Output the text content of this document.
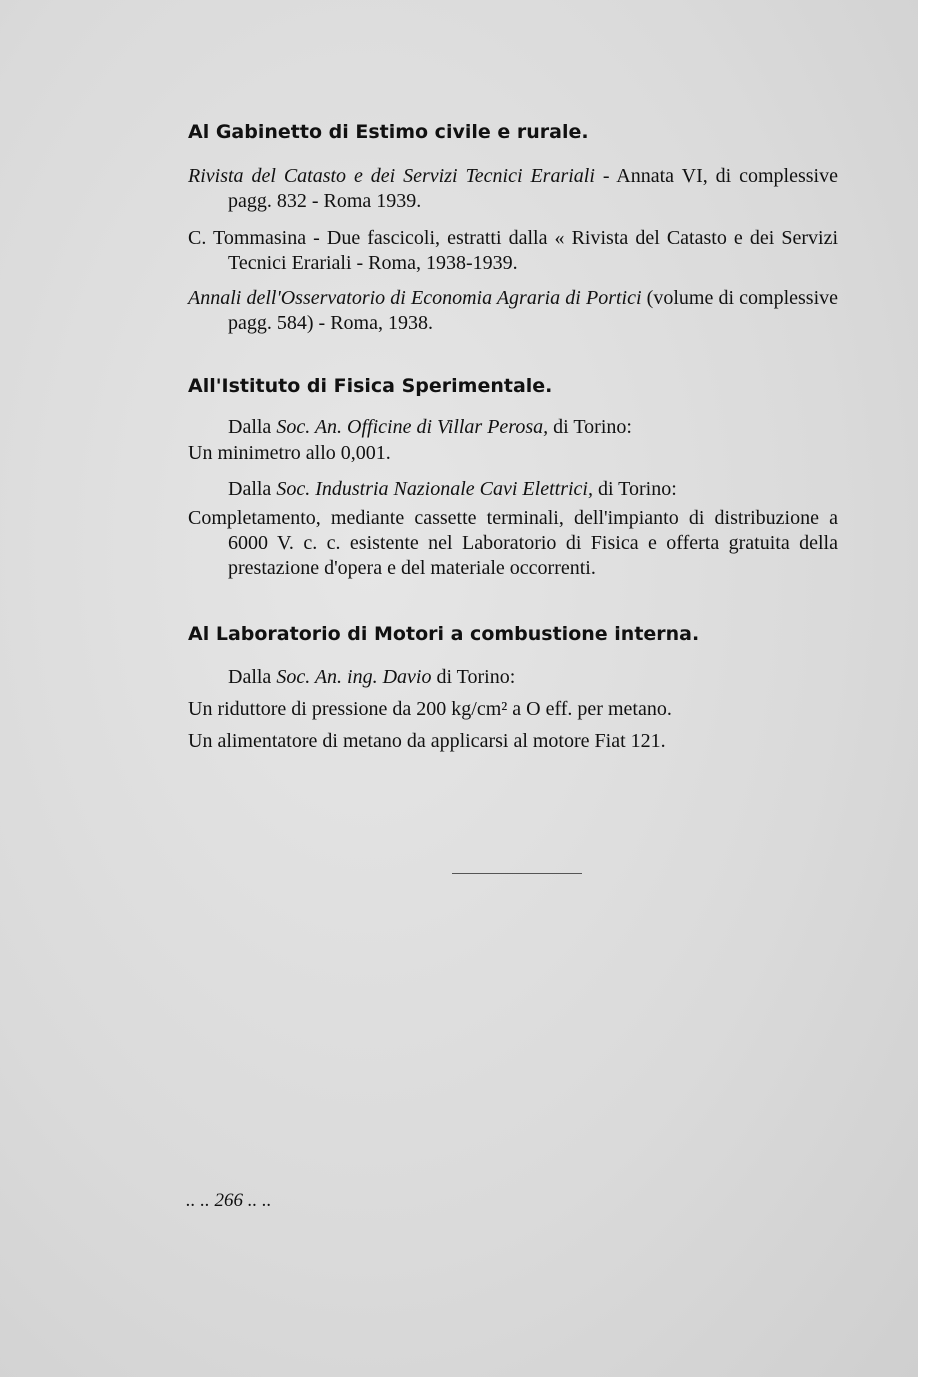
Al Gabinetto di Estimo civile e rurale.
Rivista del Catasto e dei Servizi Tecnici Erariali - Annata VI, di complessive pagg. 832 - Roma 1939.
C. Tommasina - Due fascicoli, estratti dalla « Rivista del Catasto e dei Servizi Tecnici Erariali - Roma, 1938-1939.
Annali dell'Osservatorio di Economia Agraria di Portici (volume di complessive pagg. 584) - Roma, 1938.
All'Istituto di Fisica Sperimentale.
Dalla Soc. An. Officine di Villar Perosa, di Torino:
Un minimetro allo 0,001.
Dalla Soc. Industria Nazionale Cavi Elettrici, di Torino:
Completamento, mediante cassette terminali, dell'impianto di distribuzione a 6000 V. c. c. esistente nel Laboratorio di Fisica e offerta gratuita della prestazione d'opera e del materiale occorrenti.
Al Laboratorio di Motori a combustione interna.
Dalla Soc. An. ing. Davio di Torino:
Un riduttore di pressione da 200 kg/cm² a O eff. per metano.
Un alimentatore di metano da applicarsi al motore Fiat 121.
.. .. 266 .. ..
